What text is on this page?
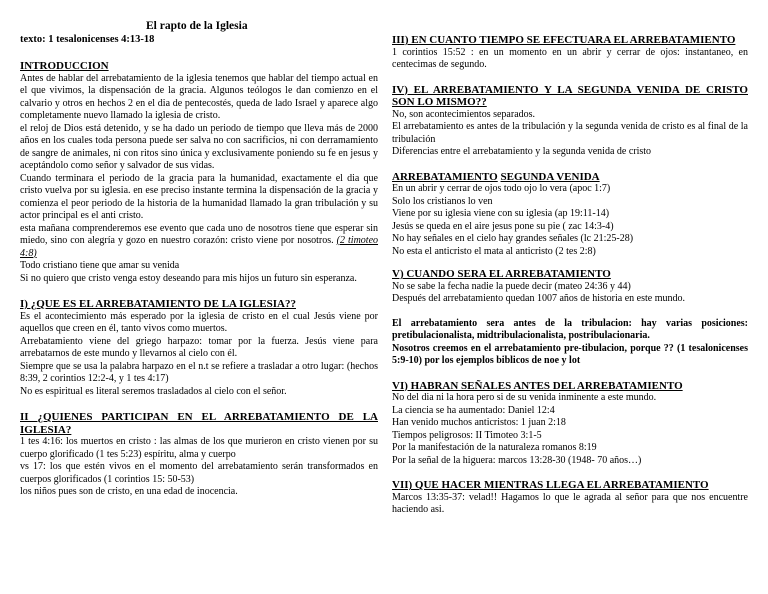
El rapto de la Iglesia
texto: 1 tesalonicenses 4:13-18

INTRODUCCION

Antes de hablar del arrebatamiento de la iglesia tenemos que hablar del tiempo actual en el que vivimos, la dispensación de la gracia. Algunos teólogos le dan comienzo en el calvario y otros en hechos 2 en el dia de pentecostés, queda de lado Israel y aparece algo completamente nuevo llamado la iglesia de cristo.

el reloj de Dios está detenido, y se ha dado un periodo de tiempo que lleva más de 2000 años en los cuales toda persona puede ser salva no con sacrificios, ni con derramamiento de sangre de animales, ni con ritos sino única y exclusivamente poniendo su fe en jesus y aceptándolo como señor y salvador de sus vidas.

Cuando terminara el periodo de la gracia para la humanidad, exactamente el dia que cristo vuelva por su iglesia. en ese preciso instante termina la dispensación de la gracia y comienza el peor periodo de la historia de la humanidad llamado la gran tribulación y su actor principal es el anti cristo.

esta mañana comprenderemos ese evento que cada uno de nosotros tiene que esperar sin miedo, sino con alegría y gozo en nuestro corazón: cristo viene por nosotros. (2 timoteo 4:8)

Todo cristiano tiene que amar su venida

Si no quiero que cristo venga estoy deseando para mis hijos un futuro sin esperanza.

I) ¿QUE ES EL ARREBATAMIENTO DE LA IGLESIA??

Es el acontecimiento más esperado por la iglesia de cristo en el cual Jesús viene por aquellos que creen en él, tanto vivos como muertos.

Arrebatamiento viene del griego harpazo: tomar por la fuerza. Jesús viene para arrebatarnos de este mundo y llevarnos al cielo con él.

Siempre que se usa la palabra harpazo en el n.t se refiere a trasladar a otro lugar: (hechos 8:39, 2 corintios 12:2-4, y 1 tes 4:17)

No es espiritual es literal seremos trasladados al cielo con el señor.

II ¿QUIENES PARTICIPAN EN EL ARREBATAMIENTO DE LA IGLESIA?

1 tes 4:16: los muertos en cristo : las almas de los que murieron en cristo vienen por su cuerpo glorificado (1 tes 5:23) espíritu, alma y cuerpo

vs 17: los que estén vivos en el momento del arrebatamiento serán transformados en cuerpos glorificados (1 corintios 15: 50-53)

los niños pues son de cristo, en una edad de inocencia.

III) EN CUANTO TIEMPO SE EFECTUARA EL ARREBATAMIENTO

1 corintios 15:52 : en un momento en un abrir y cerrar de ojos: instantaneo, en centecimas de segundo.

IV) EL ARREBATAMIENTO Y LA SEGUNDA VENIDA DE CRISTO SON LO MISMO??

No, son acontecimientos separados.

El arrebatamiento es antes de la tribulación y la segunda venida de cristo es al final de la tribulación

Diferencias entre el arrebatamiento y la segunda venida de cristo

ARREBATAMIENTO SEGUNDA VENIDA

En un abrir y cerrar de ojos todo ojo lo vera (apoc 1:7)

Solo los cristianos lo ven

Viene por su iglesia viene con su iglesia (ap 19:11-14)

Jesús se queda en el aire jesus pone su pie ( zac 14:3-4)

No hay señales en el cielo hay grandes señales (lc 21:25-28)

No esta el anticristo el mata al anticristo (2 tes 2:8)

V) CUANDO SERA EL ARREBATAMIENTO

No se sabe la fecha nadie la puede decir (mateo 24:36 y 44)

Después del arrebatamiento quedan 1007 años de historia en este mundo.

El arrebatamiento sera antes de la tribulacion: hay varias posiciones: pretibulacionalista, midtribulacionalista, postribulacionaria.

Nosotros creemos en el arrebatamiento pre-tibulacion, porque ?? (1 tesalonicenses 5:9-10) por los ejemplos biblicos de noe y lot

VI) HABRAN SEÑALES ANTES DEL ARREBATAMIENTO

No del dia ni la hora pero si de su venida inminente a este mundo.

La ciencia se ha aumentado: Daniel 12:4

Han venido muchos anticristos: 1 juan 2:18

Tiempos peligrosos: II Timoteo 3:1-5

Por la manifestación de la naturaleza romanos 8:19

Por la señal de la higuera: marcos 13:28-30 (1948- 70 años…)

VII) QUE HACER MIENTRAS LLEGA EL ARREBATAMIENTO

Marcos 13:35-37: velad!! Hagamos lo que le agrada al señor para que nos encuentre haciendo asi.
